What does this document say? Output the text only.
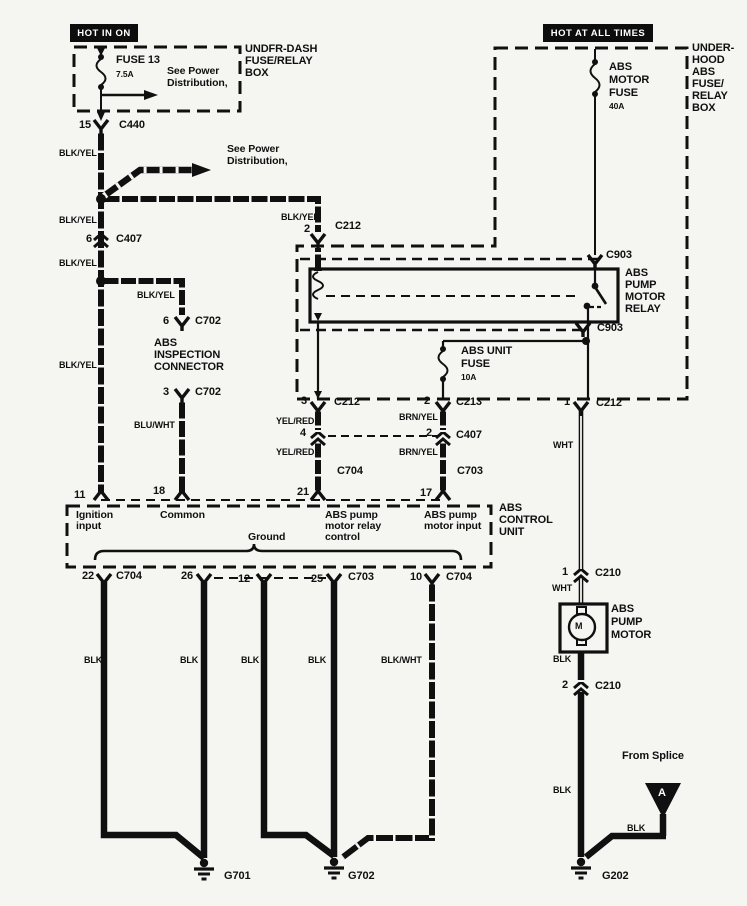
HOT IN ON	HOT AT ALL TIMES
FUSE 13
7.5A	See Power
Distribution,
UNDFR-DASH
FUSE/RELAY
BOX
15	C440
BLK/YEL	See Power
Distribution,
BLK/YEL
6 C407
BLK/YEL
BLK/YEL
6 C702
ABS
INSPECTION
CONNECTOR
BLK/YEL
3 C702
BLU/WHT
BLK/YEL
2 C212
UNDER-
HOOD
ABS
FUSE/
RELAY
BOX
ABS
MOTOR
FUSE
40A
C903
ABS
PUMP
MOTOR
RELAY
C903
ABS UNIT
FUSE
10A
3 C212	2 C213	1 C212
YEL/RED
4
BRN/YEL
2 C407
YEL/RED	BRN/YEL
C704	C703
WHT
11	18	21	17
ABS
CONTROL
UNIT
Ignition
input
Common	ABS pump
motor relay
control
ABS pump
motor input
Ground
22 C704	26	12	25 C703	10 C704
BLK	BLK	BLK	BLK	BLK/WHT
G701	G702	G202
1 C210
WHT
ABS
PUMP
MOTOR
M
BLK
2 C210
BLK
From Splice
A
BLK
